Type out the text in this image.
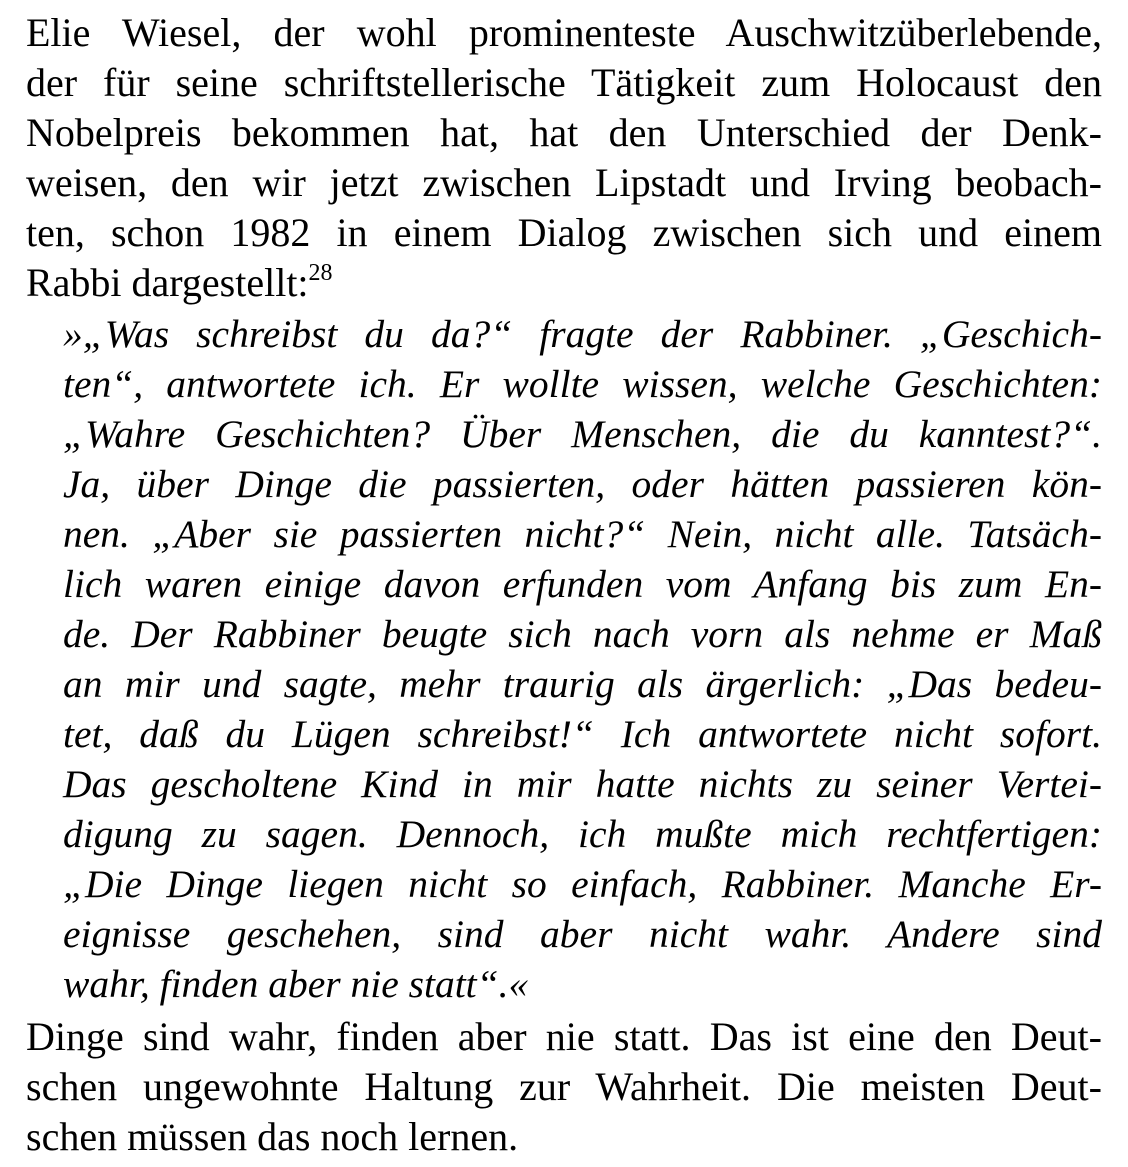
Elie Wiesel, der wohl prominenteste Auschwitzüberlebende,
der für seine schriftstellerische Tätigkeit zum Holocaust den
Nobelpreis bekommen hat, hat den Unterschied der Denk-
weisen, den wir jetzt zwischen Lipstadt und Irving beobach-
ten, schon 1982 in einem Dialog zwischen sich und einem
Rabbi dargestellt:$^{28}$
»„Was schreibst du da?“ fragte der Rabbiner. „Geschich-
ten“, antwortete ich. Er wollte wissen, welche Geschichten:
„Wahre Geschichten? Über Menschen, die du kanntest?“.
Ja, über Dinge die passierten, oder hätten passieren kön-
nen. „Aber sie passierten nicht?“ Nein, nicht alle. Tatsäch-
lich waren einige davon erfunden vom Anfang bis zum En-
de. Der Rabbiner beugte sich nach vorn als nehme er Maß
an mir und sagte, mehr traurig als ärgerlich: „Das bedeu-
tet, daß du Lügen schreibst!“ Ich antwortete nicht sofort.
Das gescholtene Kind in mir hatte nichts zu seiner Vertei-
digung zu sagen. Dennoch, ich mußte mich rechtfertigen:
„Die Dinge liegen nicht so einfach, Rabbiner. Manche Er-
eignisse geschehen, sind aber nicht wahr. Andere sind
wahr, finden aber nie statt“.«
Dinge sind wahr, finden aber nie statt. Das ist eine den Deut-
schen ungewohnte Haltung zur Wahrheit. Die meisten Deut-
schen müssen das noch lernen.
